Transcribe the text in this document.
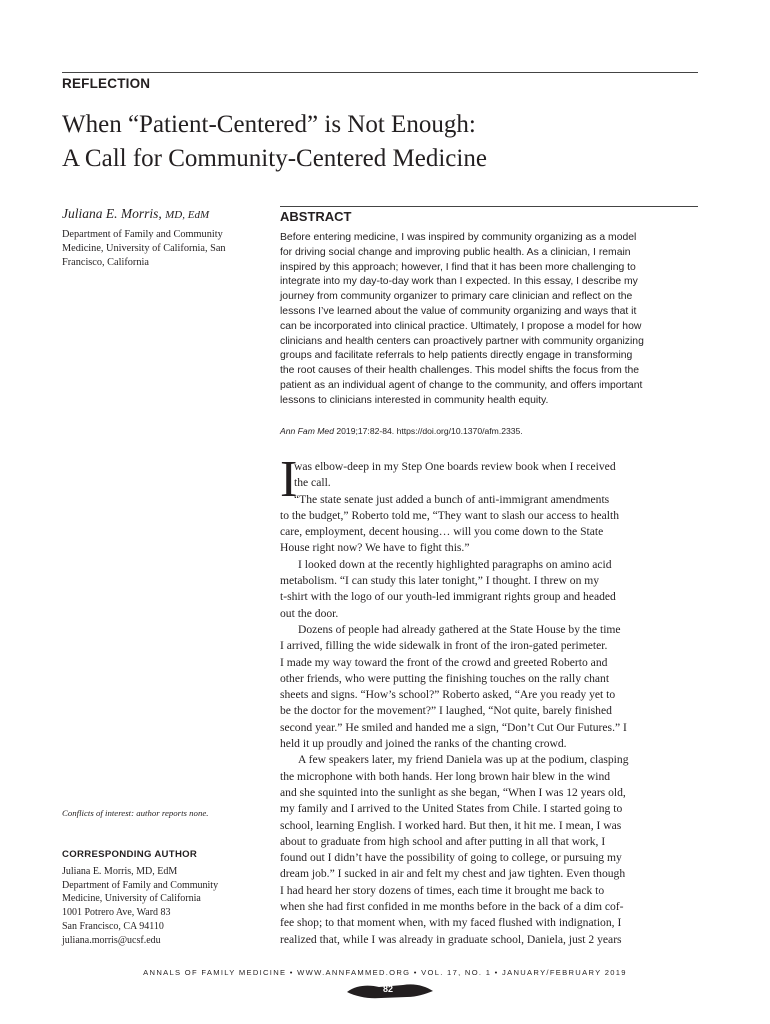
REFLECTION
When “Patient-Centered” is Not Enough:
A Call for Community-Centered Medicine
Juliana E. Morris, MD, EdM
Department of Family and Community
Medicine, University of California, San
Francisco, California
ABSTRACT
Before entering medicine, I was inspired by community organizing as a model
for driving social change and improving public health. As a clinician, I remain
inspired by this approach; however, I find that it has been more challenging to
integrate into my day-to-day work than I expected. In this essay, I describe my
journey from community organizer to primary care clinician and reflect on the
lessons I’ve learned about the value of community organizing and ways that it
can be incorporated into clinical practice. Ultimately, I propose a model for how
clinicians and health centers can proactively partner with community organizing
groups and facilitate referrals to help patients directly engage in transforming
the root causes of their health challenges. This model shifts the focus from the
patient as an individual agent of change to the community, and offers important
lessons to clinicians interested in community health equity.
Ann Fam Med 2019;17:82-84. https://doi.org/10.1370/afm.2335.
I
was elbow-deep in my Step One boards review book when I received
the call.
“The state senate just added a bunch of anti-immigrant amendments
to the budget,” Roberto told me, “They want to slash our access to health
care, employment, decent housing… will you come down to the State
House right now? We have to fight this.”
I looked down at the recently highlighted paragraphs on amino acid
metabolism. “I can study this later tonight,” I thought. I threw on my
t-shirt with the logo of our youth-led immigrant rights group and headed
out the door.
Dozens of people had already gathered at the State House by the time
I arrived, filling the wide sidewalk in front of the iron-gated perimeter.
I made my way toward the front of the crowd and greeted Roberto and
other friends, who were putting the finishing touches on the rally chant
sheets and signs. “How’s school?” Roberto asked, “Are you ready yet to
be the doctor for the movement?” I laughed, “Not quite, barely finished
second year.” He smiled and handed me a sign, “Don’t Cut Our Futures.” I
held it up proudly and joined the ranks of the chanting crowd.
A few speakers later, my friend Daniela was up at the podium, clasping
the microphone with both hands. Her long brown hair blew in the wind
and she squinted into the sunlight as she began, “When I was 12 years old,
my family and I arrived to the United States from Chile. I started going to
school, learning English. I worked hard. But then, it hit me. I mean, I was
about to graduate from high school and after putting in all that work, I
found out I didn’t have the possibility of going to college, or pursuing my
dream job.” I sucked in air and felt my chest and jaw tighten. Even though
I had heard her story dozens of times, each time it brought me back to
when she had first confided in me months before in the back of a dim cof-
fee shop; to that moment when, with my faced flushed with indignation, I
realized that, while I was already in graduate school, Daniela, just 2 years
Conflicts of interest: author reports none.
CORRESPONDING AUTHOR
Juliana E. Morris, MD, EdM
Department of Family and Community
Medicine, University of California
1001 Potrero Ave, Ward 83
San Francisco, CA 94110
juliana.morris@ucsf.edu
ANNALS OF FAMILY MEDICINE • WWW.ANNFAMMED.ORG • VOL. 17, NO. 1 • JANUARY/FEBRUARY 2019
82
